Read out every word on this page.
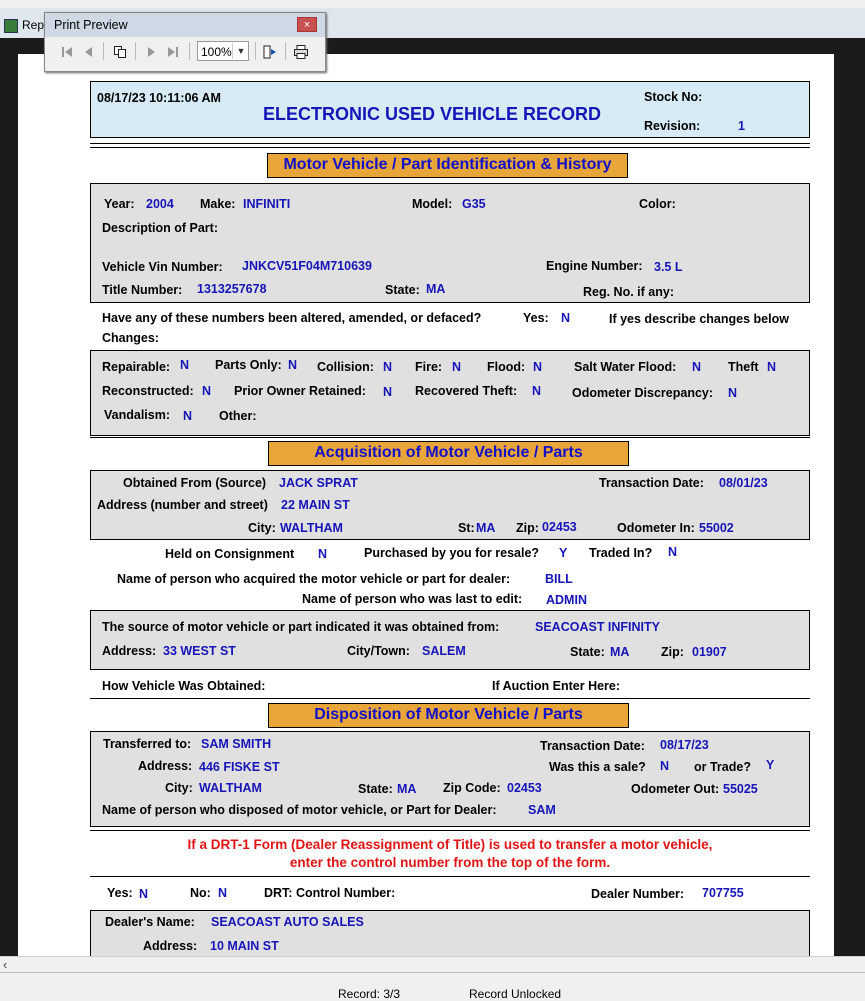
Rep
08/17/23 10:11:06 AM
ELECTRONIC USED VEHICLE RECORD
Stock No:
Revision:	1
Motor Vehicle / Part Identification & History
Year: 2004 Make: INFINITI	Model: G35	Color:
Description of Part:
Vehicle Vin Number: JNKCV51F04M710639	Engine Number: 3.5 L
Title Number: 1313257678	State: MA	Reg. No. if any:
Have any of these numbers been altered, amended, or defaced?	Yes: N	If yes describe changes below
Changes:
Repairable: N Parts Only: N Collision: N Fire: N Flood: N	Salt Water Flood: N Theft N
Reconstructed: N Prior Owner Retained: N Recovered Theft: N Odometer Discrepancy: N
Vandalism: N Other:
Acquisition of Motor Vehicle / Parts
Obtained From (Source) JACK SPRAT	Transaction Date: 08/01/23
Address (number and street) 22 MAIN ST
City: WALTHAM	St: MA Zip: 02453	Odometer In: 55002
Held on Consignment N	Purchased by you for resale? Y Traded In? N
Name of person who acquired the motor vehicle or part for dealer:	BILL
Name of person who was last to edit: ADMIN
The source of motor vehicle or part indicated it was obtained from:	SEACOAST INFINITY
Address: 33 WEST ST	City/Town: SALEM	State: MA	Zip: 01907
How Vehicle Was Obtained:	If Auction Enter Here:
Disposition of Motor Vehicle / Parts
Transferred to: SAM SMITH	Transaction Date: 08/17/23
Address: 446 FISKE ST	Was this a sale? N or Trade? Y
City: WALTHAM	State: MA Zip Code: 02453	Odometer Out: 55025
Name of person who disposed of motor vehicle, or Part for Dealer:	SAM
If a DRT-1 Form (Dealer Reassignment of Title) is used to transfer a motor vehicle,
enter the control number from the top of the form.
Yes: N	No: N	DRT: Control Number:	Dealer Number: 707755
Dealer's Name: SEACOAST AUTO SALES
Address: 10 MAIN ST
‹
Record: 3/3	Record Unlocked
Print Preview	×
100% ▼
